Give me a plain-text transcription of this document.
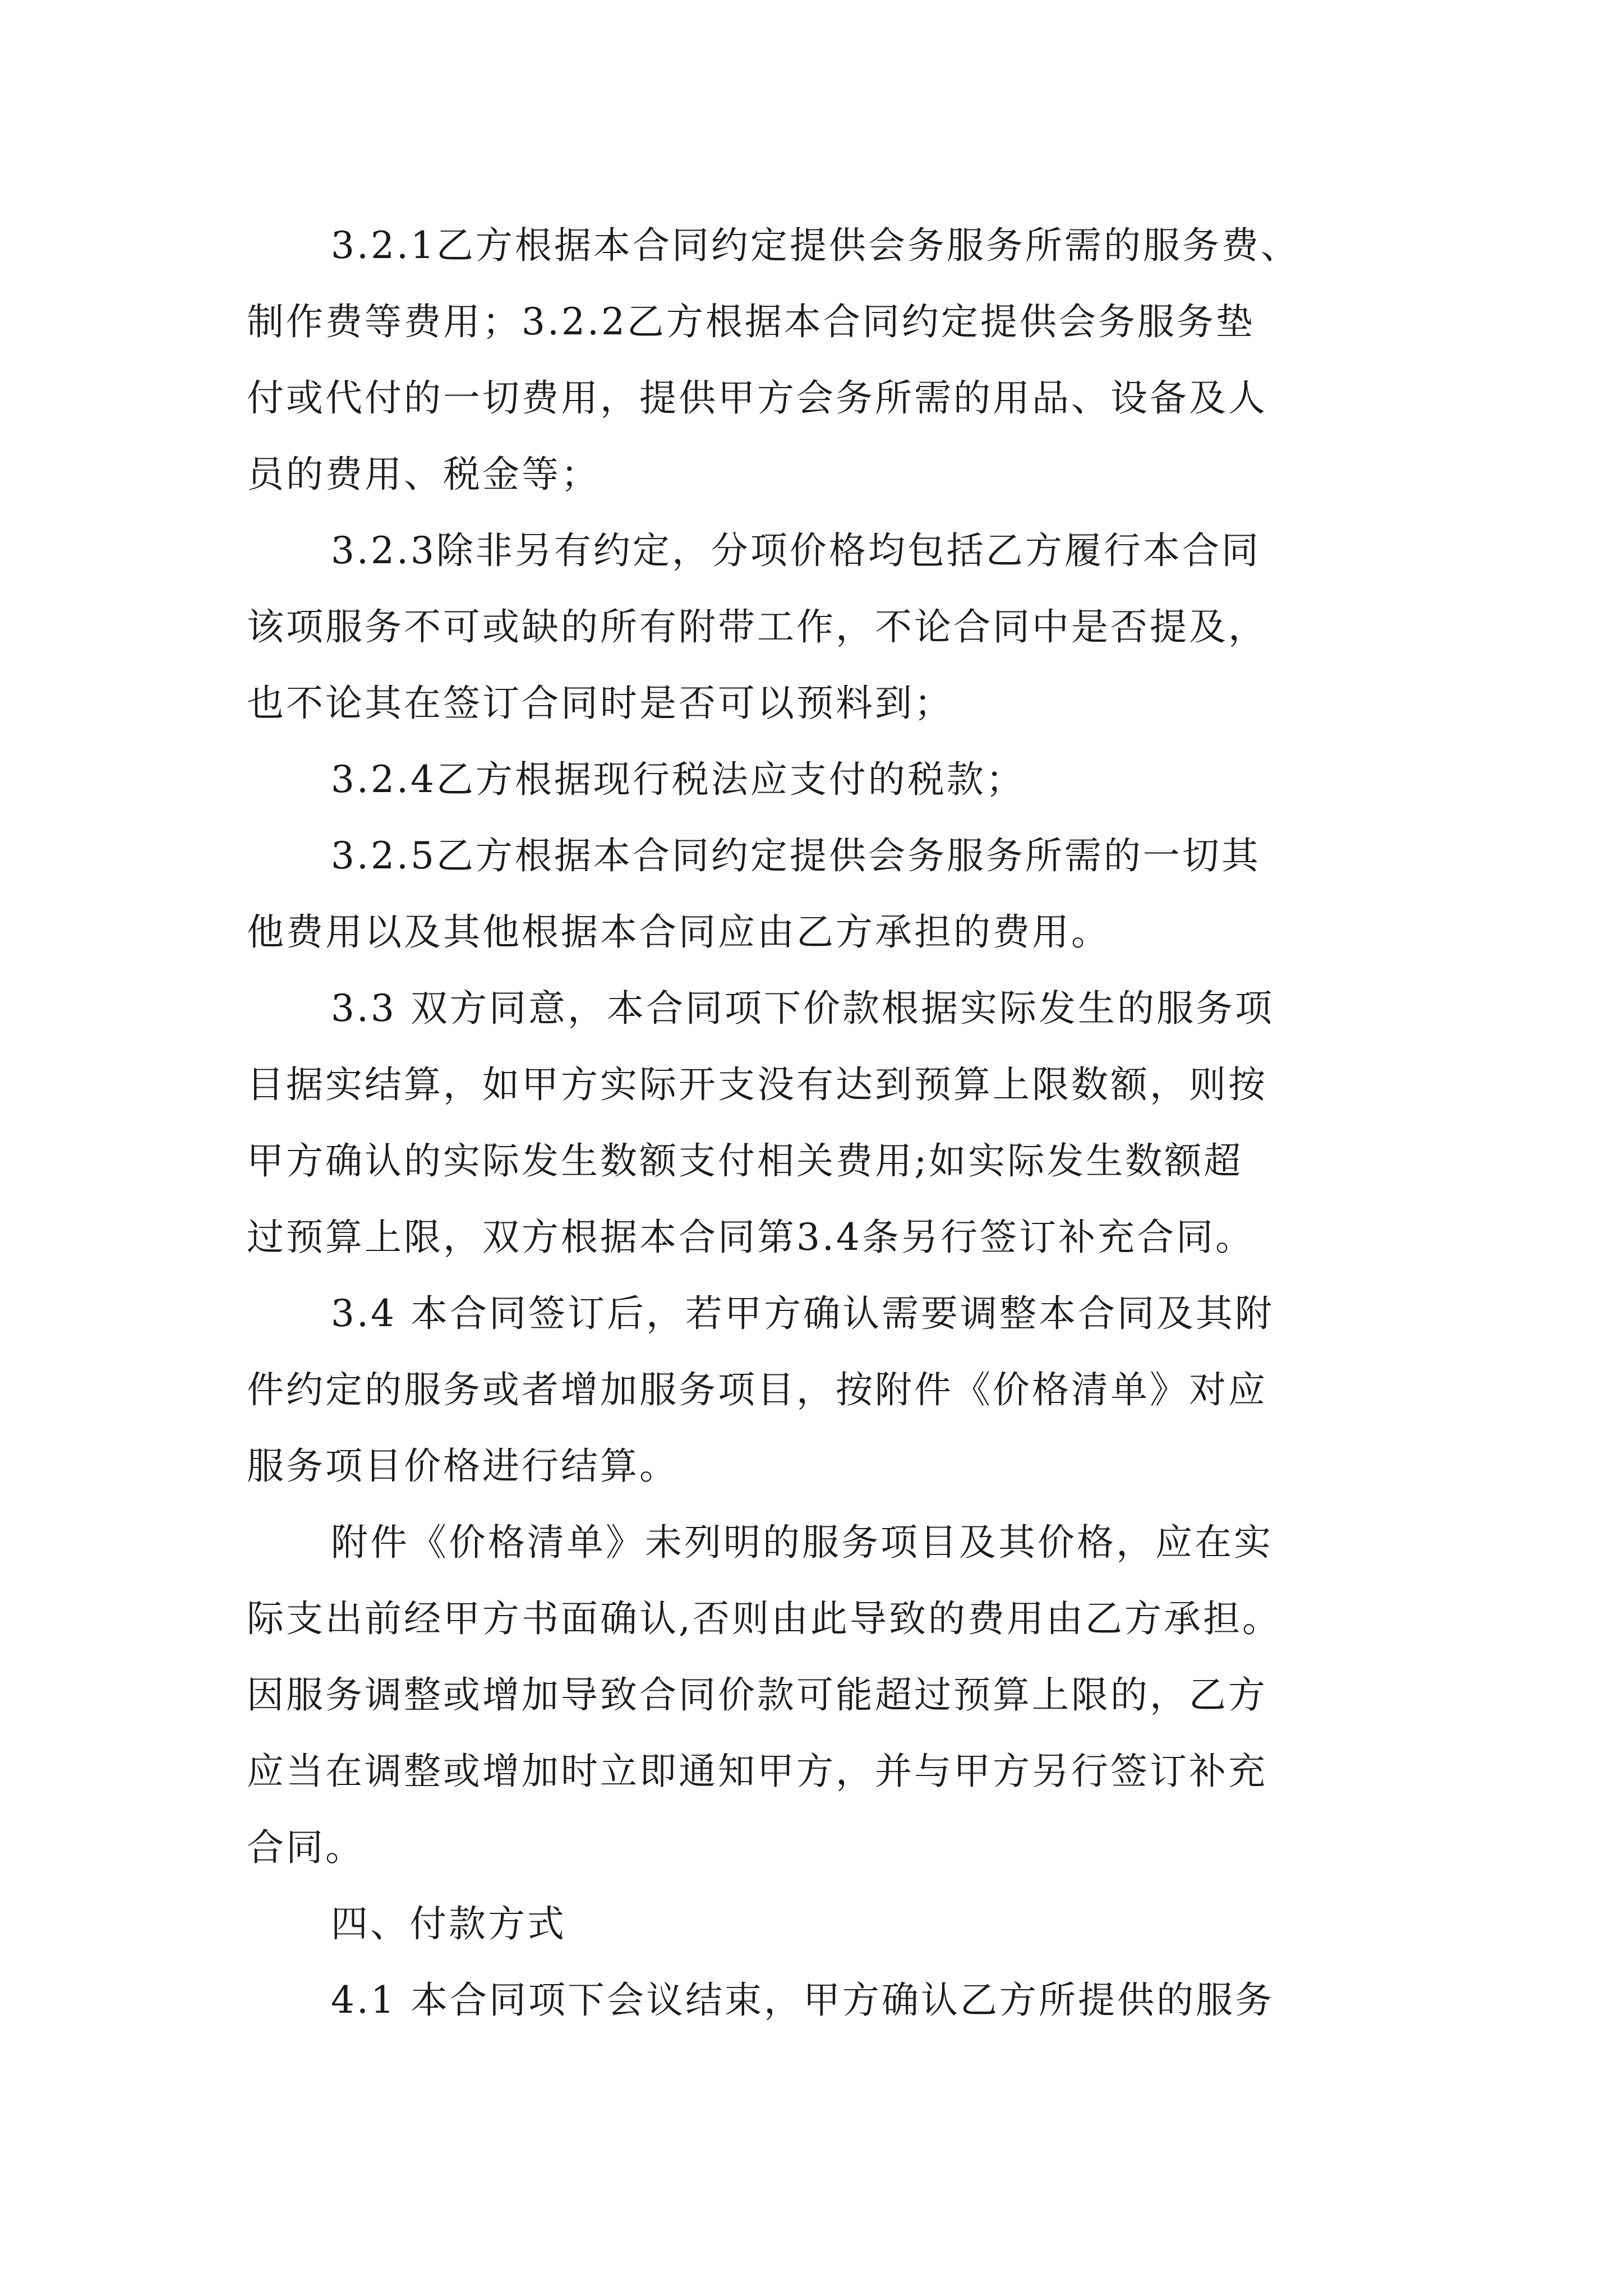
3.2.1乙方根据本合同约定提供会务服务所需的服务费、
制作费等费用；3.2.2乙方根据本合同约定提供会务服务垫
付或代付的一切费用，提供甲方会务所需的用品、设备及人
员的费用、税金等；
3.2.3除非另有约定，分项价格均包括乙方履行本合同
该项服务不可或缺的所有附带工作，不论合同中是否提及，
也不论其在签订合同时是否可以预料到；
3.2.4乙方根据现行税法应支付的税款；
3.2.5乙方根据本合同约定提供会务服务所需的一切其
他费用以及其他根据本合同应由乙方承担的费用。
3.3 双方同意，本合同项下价款根据实际发生的服务项
目据实结算，如甲方实际开支没有达到预算上限数额，则按
甲方确认的实际发生数额支付相关费用;如实际发生数额超
过预算上限，双方根据本合同第3.4条另行签订补充合同。
3.4 本合同签订后，若甲方确认需要调整本合同及其附
件约定的服务或者增加服务项目，按附件《价格清单》对应
服务项目价格进行结算。
附件《价格清单》未列明的服务项目及其价格，应在实
际支出前经甲方书面确认,否则由此导致的费用由乙方承担。
因服务调整或增加导致合同价款可能超过预算上限的，乙方
应当在调整或增加时立即通知甲方，并与甲方另行签订补充
合同。
四、付款方式
4.1 本合同项下会议结束，甲方确认乙方所提供的服务
